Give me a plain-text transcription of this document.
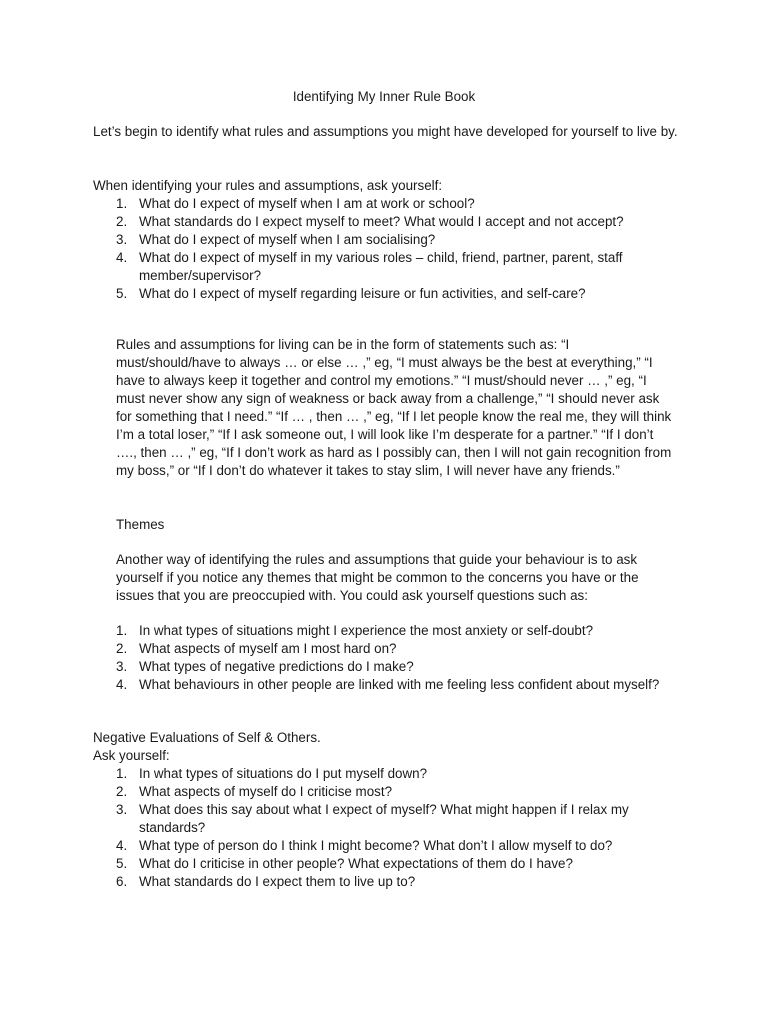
Identifying My Inner Rule Book
Let’s begin to identify what rules and assumptions you might have developed for yourself to live by.

When identifying your rules and assumptions, ask yourself:

1. What do I expect of myself when I am at work or school?
2. What standards do I expect myself to meet? What would I accept and not accept?
3. What do I expect of myself when I am socialising?
4. What do I expect of myself in my various roles – child, friend, partner, parent, staff member/supervisor?
5. What do I expect of myself regarding leisure or fun activities, and self-care?
Rules and assumptions for living can be in the form of statements such as: “I must/should/have to always … or else … ,” eg, “I must always be the best at everything,” “I have to always keep it together and control my emotions.” “I must/should never … ,” eg, “I must never show any sign of weakness or back away from a challenge,” “I should never ask for something that I need.” “If … , then … ,” eg, “If I let people know the real me, they will think I’m a total loser,” “If I ask someone out, I will look like I’m desperate for a partner.” “If I don’t …., then … ,” eg, “If I don’t work as hard as I possibly can, then I will not gain recognition from my boss,” or “If I don’t do whatever it takes to stay slim, I will never have any friends.”
Themes
Another way of identifying the rules and assumptions that guide your behaviour is to ask yourself if you notice any themes that might be common to the concerns you have or the issues that you are preoccupied with. You could ask yourself questions such as:
1. In what types of situations might I experience the most anxiety or self-doubt?
2. What aspects of myself am I most hard on?
3. What types of negative predictions do I make?
4. What behaviours in other people are linked with me feeling less confident about myself?

Negative Evaluations of Self & Others.

Ask yourself:

1. In what types of situations do I put myself down?
2. What aspects of myself do I criticise most?
3. What does this say about what I expect of myself? What might happen if I relax my standards?
4. What type of person do I think I might become? What don’t I allow myself to do?
5. What do I criticise in other people? What expectations of them do I have?
6. What standards do I expect them to live up to?
